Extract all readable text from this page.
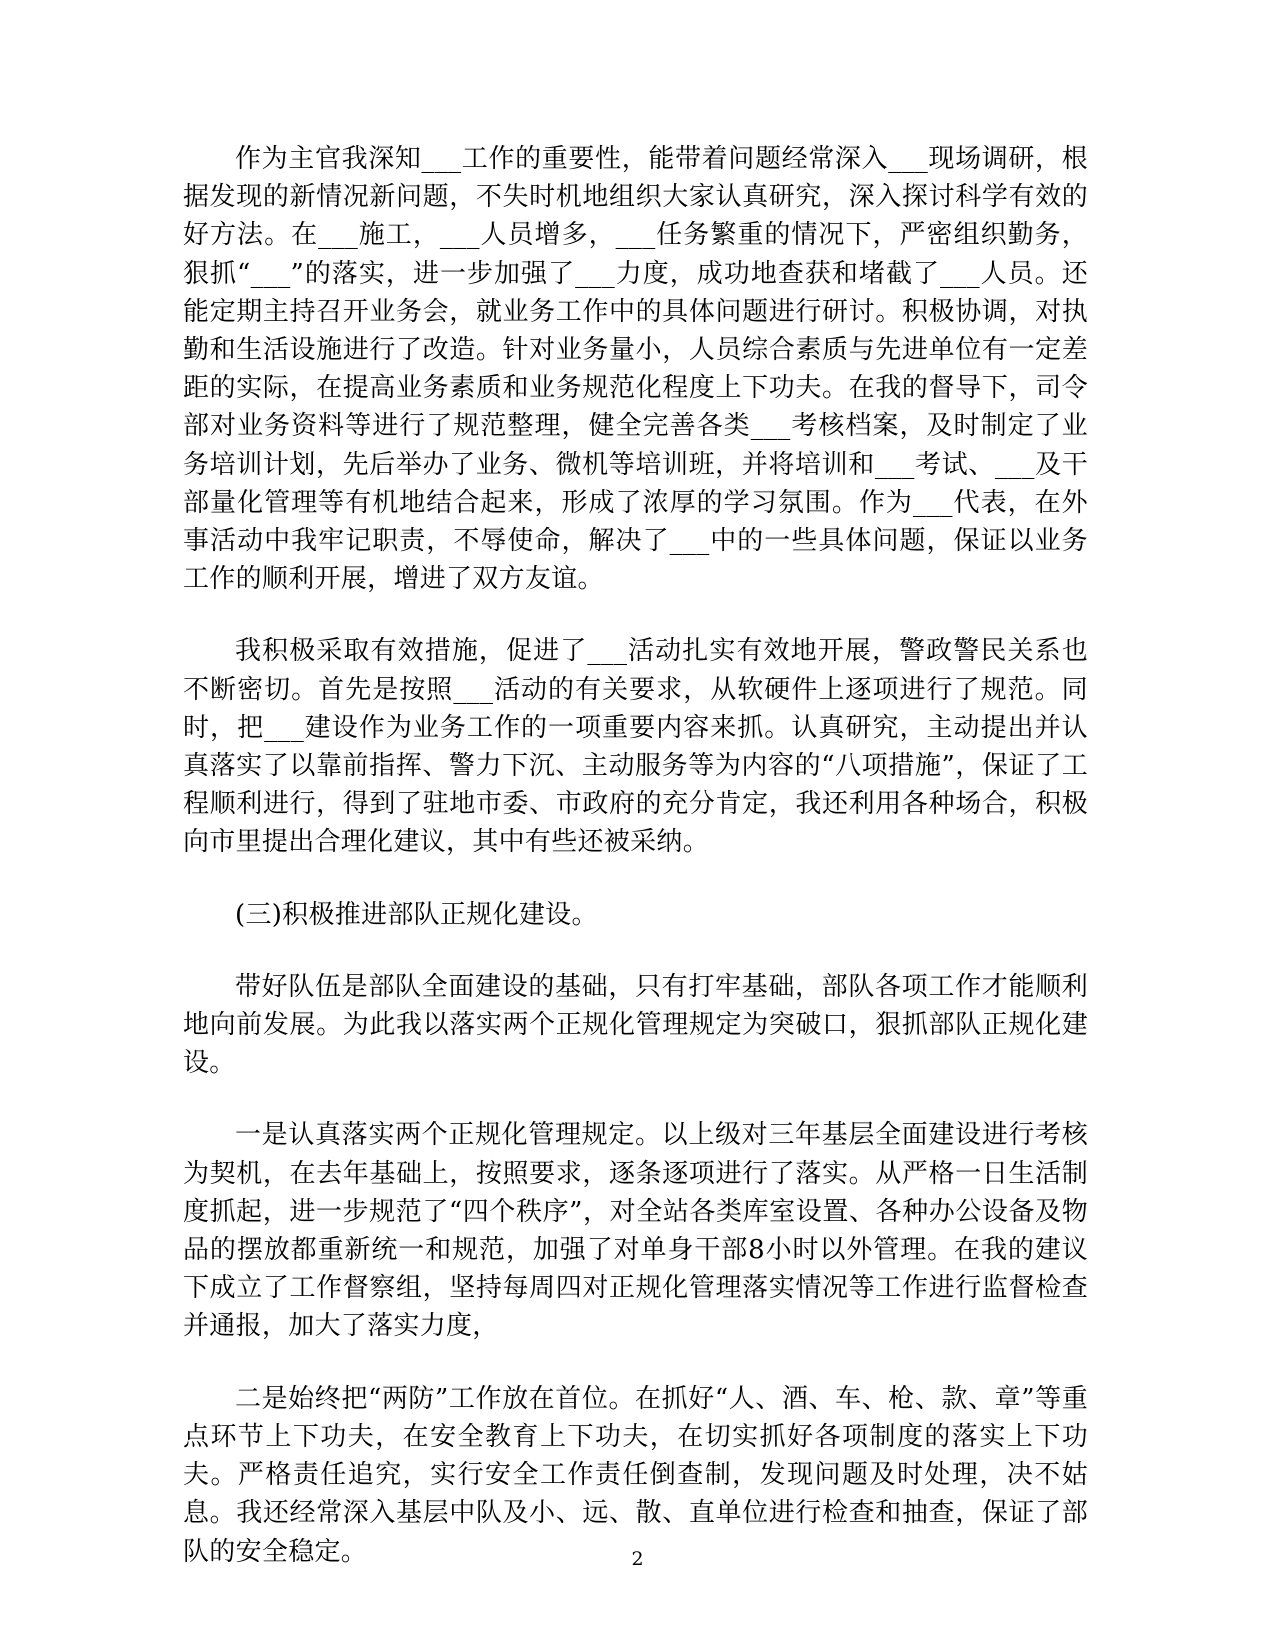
作为主官我深知___工作的重要性，能带着问题经常深入___现场调研，根据发现的新情况新问题，不失时机地组织大家认真研究，深入探讨科学有效的好方法。在___施工，___人员增多，___任务繁重的情况下，严密组织勤务，狠抓“___”的落实，进一步加强了___力度，成功地查获和堵截了___人员。还能定期主持召开业务会，就业务工作中的具体问题进行研讨。积极协调，对执勤和生活设施进行了改造。针对业务量小，人员综合素质与先进单位有一定差距的实际，在提高业务素质和业务规范化程度上下功夫。在我的督导下，司令部对业务资料等进行了规范整理，健全完善各类___考核档案，及时制定了业务培训计划，先后举办了业务、微机等培训班，并将培训和___考试、___及干部量化管理等有机地结合起来，形成了浓厚的学习氛围。作为___代表，在外事活动中我牢记职责，不辱使命，解决了___中的一些具体问题，保证以业务工作的顺利开展，增进了双方友谊。

我积极采取有效措施，促进了___活动扎实有效地开展，警政警民关系也不断密切。首先是按照___活动的有关要求，从软硬件上逐项进行了规范。同时，把___建设作为业务工作的一项重要内容来抓。认真研究，主动提出并认真落实了以靠前指挥、警力下沉、主动服务等为内容的“八项措施”，保证了工程顺利进行，得到了驻地市委、市政府的充分肯定，我还利用各种场合，积极向市里提出合理化建议，其中有些还被采纳。

(三)积极推进部队正规化建设。

带好队伍是部队全面建设的基础，只有打牢基础，部队各项工作才能顺利地向前发展。为此我以落实两个正规化管理规定为突破口，狠抓部队正规化建设。

一是认真落实两个正规化管理规定。以上级对三年基层全面建设进行考核为契机，在去年基础上，按照要求，逐条逐项进行了落实。从严格一日生活制度抓起，进一步规范了“四个秩序”，对全站各类库室设置、各种办公设备及物品的摆放都重新统一和规范，加强了对单身干部8小时以外管理。在我的建议下成立了工作督察组，坚持每周四对正规化管理落实情况等工作进行监督检查并通报，加大了落实力度，

二是始终把“两防”工作放在首位。在抓好“人、酒、车、枪、款、章”等重点环节上下功夫，在安全教育上下功夫，在切实抓好各项制度的落实上下功夫。严格责任追究，实行安全工作责任倒查制，发现问题及时处理，决不姑息。我还经常深入基层中队及小、远、散、直单位进行检查和抽查，保证了部队的安全稳定。	2
